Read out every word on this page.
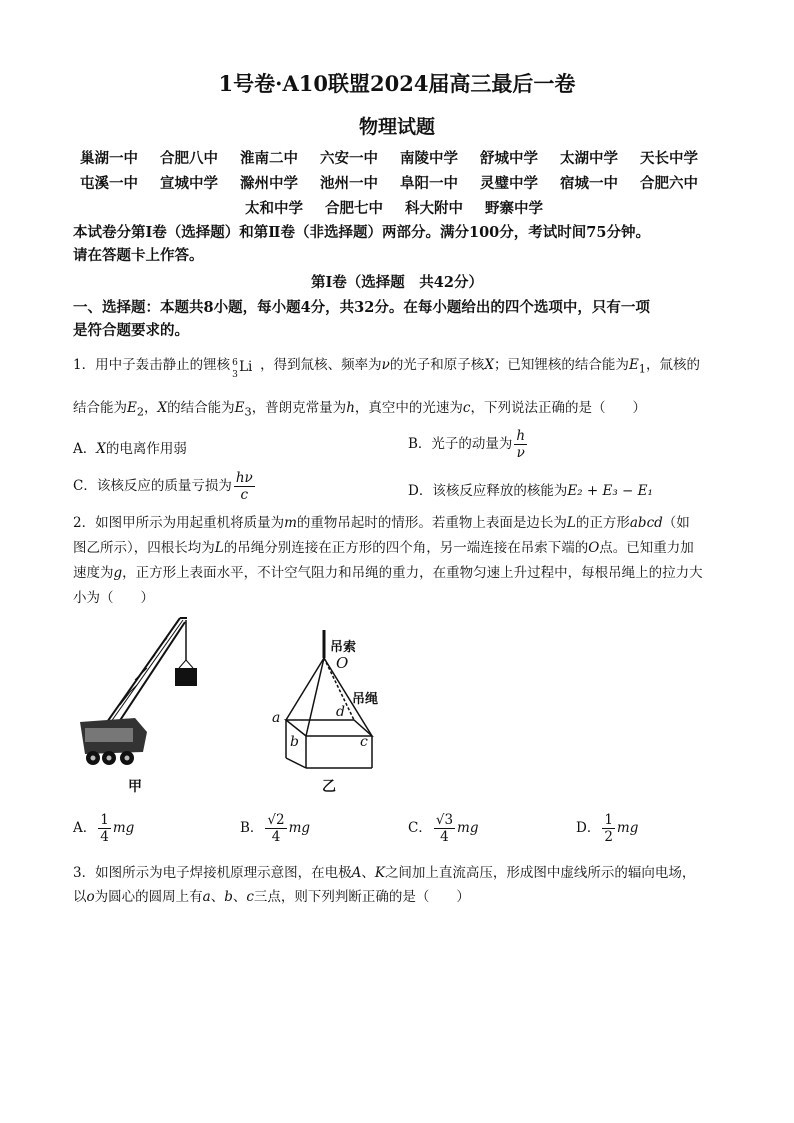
1号卷·A10联盟2024届高三最后一卷
物理试题
巢湖一中 合肥八中 淮南二中 六安一中 南陵中学 舒城中学 太湖中学 天长中学
屯溪一中 宣城中学 滁州中学 池州一中 阜阳一中 灵璧中学 宿城一中 合肥六中
太和中学 合肥七中 科大附中 野寨中学
本试卷分第Ⅰ卷（选择题）和第Ⅱ卷（非选择题）两部分。满分100分，考试时间75分钟。
请在答题卡上作答。
第Ⅰ卷（选择题　共42分）
一、选择题：本题共8小题，每小题4分，共32分。在每小题给出的四个选项中，只有一项
是符合题要求的。
1．用中子轰击静止的锂核 6
3 Li ，得到氚核、频率为ν的光子和原子核X；已知锂核的结合能为$E_1$，氚核的
结合能为$E_2$，X的结合能为$E_3$，普朗克常量为h，真空中的光速为c，下列说法正确的是（　　）
A．X的电离作用弱	B．光子的动量为 $\frac{h}{\nu}$
C．该核反应的质量亏损为 $\frac{h\nu}{c}$	D．该核反应释放的核能为E₂ + E₃ − E₁
2．如图甲所示为用起重机将质量为m的重物吊起时的情形。若重物上表面是边长为L的正方形abcd（如
图乙所示），四根长均为L的吊绳分别连接在正方形的四个角，另一端连接在吊索下端的O点。已知重力加
速度为g，正方形上表面水平，不计空气阻力和吊绳的重力，在重物匀速上升过程中，每根吊绳上的拉力大
小为（　　）
甲
吊索
O
吊绳
a
b	c
d
乙
A． $\frac{1}{4}$ mg	B． $\frac{√2}{4}$ mg	C． $\frac{√3}{4}$ mg	D． $\frac{1}{2}$ mg
3．如图所示为电子焊接机原理示意图，在电极A、K之间加上直流高压，形成图中虚线所示的辐向电场，
以o为圆心的圆周上有a、b、c三点，则下列判断正确的是（　　）
